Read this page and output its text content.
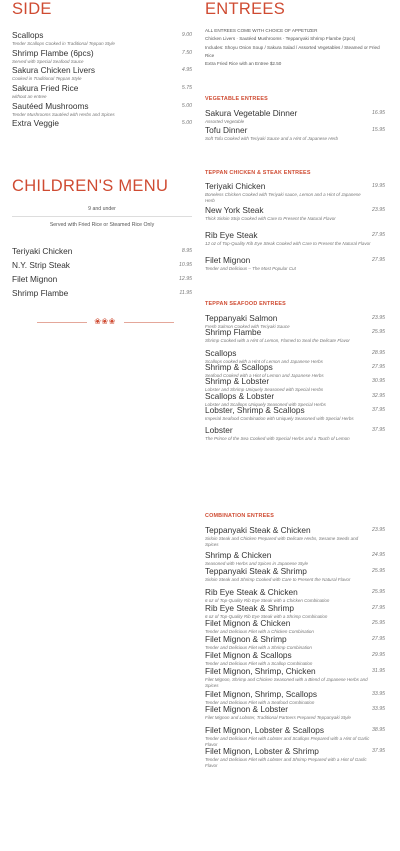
SIDE
Scallops	9.00
Tender Scallops Cooked in Traditional Teppan Style
Shrimp Flambe (6pcs)	7.50
Served with Special Seafood Sauce
Sakura Chicken Livers	4.95
Cooked in Traditional Teppan Style
Sakura Fried Rice	5.75
without an entree
Sautéed Mushrooms	5.00
Tender Mushrooms Sautéed with Herbs and Spices
Extra Veggie	5.00
CHILDREN'S MENU
9 and under
Served with Fried Rice or Steamed Rice Only
Teriyaki Chicken	8.95
N.Y. Strip Steak	10.95
Filet Mignon	12.95
Shrimp Flambe	11.95
❀❀❀
ENTREES
ALL ENTREES COME WITH CHOICE OF APPETIZER
Chicken Livers · Sautéed Mushrooms · Teppanyaki Shrimp Flambe (2pcs)
Includes: Shoyu Onion Soup / Sakura Salad / Assorted Vegetables / Steamed or Fried Rice
Extra Fried Rice with an Entree $2.50
VEGETABLE ENTREES
Sakura Vegetable Dinner	16.95
Assorted Vegetable
Tofu Dinner	15.95
Soft Tofu Cooked with Teriyaki Sauce and a Hint of Japanese Herb
TEPPAN CHICKEN & STEAK ENTREES
Teriyaki Chicken	19.95
Boneless Chicken Cooked with Teriyaki sauce, Lemon and a Hint of Japanese Herb
New York Steak	23.95
Thick Sirloin Strip Cooked with Care to Present the Natural Flavor
Rib Eye Steak	27.95
12 oz of Top-Quality Rib Eye Steak Cooked with Care to Present the Natural Flavor
Filet Mignon	27.95
Tender and Delicious – The Most Popular Cut
TEPPAN SEAFOOD ENTREES
Teppanyaki Salmon	23.95
Fresh Salmon Cooked with Teriyaki Sauce
Shrimp Flambe	25.95
Shrimp Cooked with a Hint of Lemon, Flamed to Seal the Delicate Flavor
Scallops	28.95
Scallops cooked with a Hint of Lemon and Japanese Herbs
Shrimp & Scallops	27.95
Seafood Cooked with a Hint of Lemon and Japanese Herbs
Shrimp & Lobster	30.95
Lobster and Shrimp Uniquely Seasoned with Special Herbs
Scallops & Lobster	32.95
Lobster and Scallops Uniquely Seasoned with Special Herbs
Lobster, Shrimp & Scallops	37.95
Imperial Seafood Combination with Uniquely Seasoned with Special Herbs
Lobster	37.95
The Prince of the Sea Cooked with Special Herbs and a Touch of Lemon
COMBINATION ENTREES
Teppanyaki Steak & Chicken	23.95
Sirloin Steak and Chicken Prepared with Delicate Herbs, Sesame Seeds and Spices
Shrimp & Chicken	24.95
Seasoned with Herbs and Spices in Japanese Style
Teppanyaki Steak & Shrimp	25.95
Sirloin Steak and Shrimp Cooked with Care to Present the Natural Flavor
Rib Eye Steak & Chicken	25.95
6 oz of Top-Quality Rib Eye Steak with a Chicken Combination
Rib Eye Steak & Shrimp	27.95
6 oz of Top-Quality Rib Eye Steak with a Shrimp Combination
Filet Mignon & Chicken	25.95
Tender and Delicious Filet with a Chicken Combination
Filet Mignon & Shrimp	27.95
Tender and Delicious Filet with a Shrimp Combination
Filet Mignon & Scallops	29.95
Tender and Delicious Filet with a Scallop Combination
Filet Mignon, Shrimp, Chicken	31.95
Filet Mignon, Shrimp and Chicken Seasoned with a Blend of Japanese Herbs and Spices
Filet Mignon, Shrimp, Scallops	33.95
Tender and Delicious Filet with a Seafood Combination
Filet Mignon & Lobster	33.95
Filet Mignon and Lobster, Traditional Partners Prepared Teppanyaki Style
Filet Mignon, Lobster & Scallops	38.95
Tender and Delicious Filet with Lobster and Scallops Prepared with a Hint of Garlic Flavor
Filet Mignon, Lobster & Shrimp	37.95
Tender and Delicious Filet with Lobster and Shrimp Prepared with a Hint of Garlic Flavor
